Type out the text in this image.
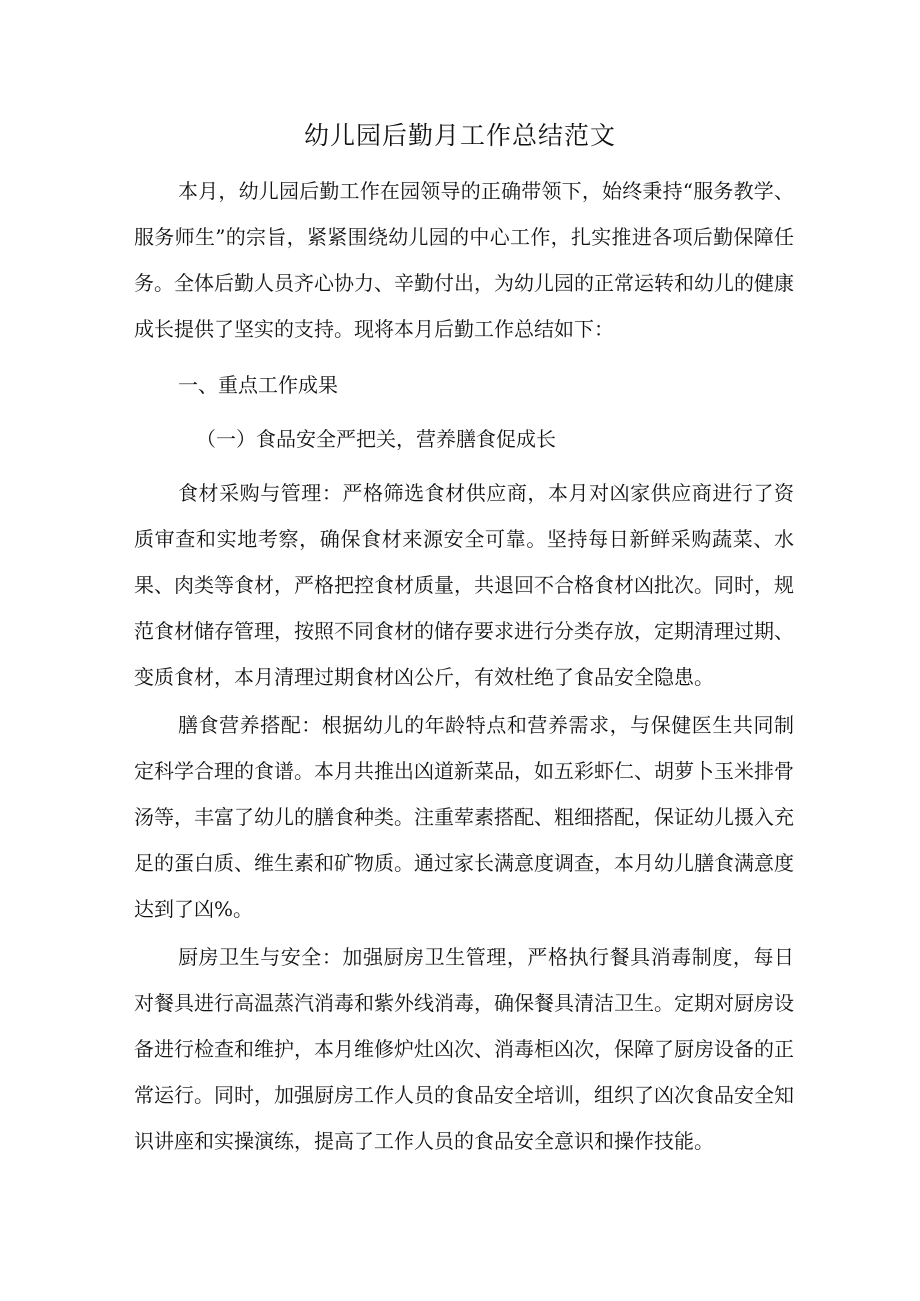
幼儿园后勤月工作总结范文

本月，幼儿园后勤工作在园领导的正确带领下，始终秉持“服务教学、服务师生”的宗旨，紧紧围绕幼儿园的中心工作，扎实推进各项后勤保障任务。全体后勤人员齐心协力、辛勤付出，为幼儿园的正常运转和幼儿的健康成长提供了坚实的支持。现将本月后勤工作总结如下：

一、重点工作成果

（一）食品安全严把关，营养膳食促成长

食材采购与管理：严格筛选食材供应商，本月对凶家供应商进行了资质审查和实地考察，确保食材来源安全可靠。坚持每日新鲜采购蔬菜、水果、肉类等食材，严格把控食材质量，共退回不合格食材凶批次。同时，规范食材储存管理，按照不同食材的储存要求进行分类存放，定期清理过期、变质食材，本月清理过期食材凶公斤，有效杜绝了食品安全隐患。

膳食营养搭配：根据幼儿的年龄特点和营养需求，与保健医生共同制定科学合理的食谱。本月共推出凶道新菜品，如五彩虾仁、胡萝卜玉米排骨汤等，丰富了幼儿的膳食种类。注重荤素搭配、粗细搭配，保证幼儿摄入充足的蛋白质、维生素和矿物质。通过家长满意度调查，本月幼儿膳食满意度达到了凶%。

厨房卫生与安全：加强厨房卫生管理，严格执行餐具消毒制度，每日对餐具进行高温蒸汽消毒和紫外线消毒，确保餐具清洁卫生。定期对厨房设备进行检查和维护，本月维修炉灶凶次、消毒柜凶次，保障了厨房设备的正常运行。同时，加强厨房工作人员的食品安全培训，组织了凶次食品安全知识讲座和实操演练，提高了工作人员的食品安全意识和操作技能。
